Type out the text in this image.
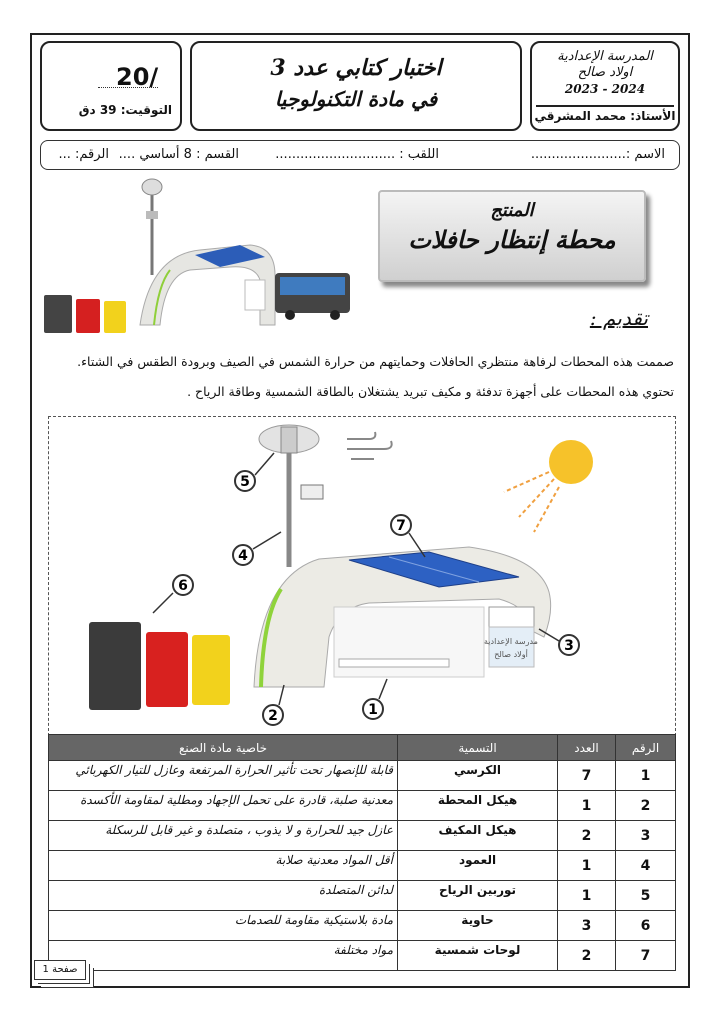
المدرسة الإعدادية
اولاد صالح
2024 - 2023
الأستاذ: محمد المشرقي
اختبار كتابي عدد 3
في مادة التكنولوجيا
20/
التوقيت: 39 دق
الاسم :.......................
اللقب : .............................
القسم : 8 أساسي ....
الرقم: ...
المنتج
محطة إنتظار حافلات
تقديم :
صممت هذه المحطات لرفاهة منتظري الحافلات وحمايتهم من حرارة الشمس في الصيف وبرودة الطقس في الشتاء.
تحتوي هذه المحطات على أجهزة تدفئة و مكيف تبريد يشتغلان بالطاقة الشمسية وطاقة الرياح .
مدرسة الإعدادية
أولاد صالح
1
2
3
4
5
6
7
الرقم	العدد	التسمية	خاصية مادة الصنع
1	7	الكرسي	قابلة للإنصهار تحت تأثير الحرارة المرتفعة وعازل للتيار الكهربائي
2	1	هيكل المحطة	معدنية صلبة، قادرة على تحمل الإجهاد ومطلية لمقاومة الأكسدة
3	2	هيكل المكيف	عازل جيد للحرارة و لا يذوب ، متصلدة و غير قابل للرسكلة
4	1	العمود	أقل المواد معدنية صلابة
5	1	توربين الرياح	لدائن المتصلدة
6	3	حاوية	مادة بلاستيكية مقاومة للصدمات
7	2	لوحات شمسية	مواد مختلفة
صفحة 1
